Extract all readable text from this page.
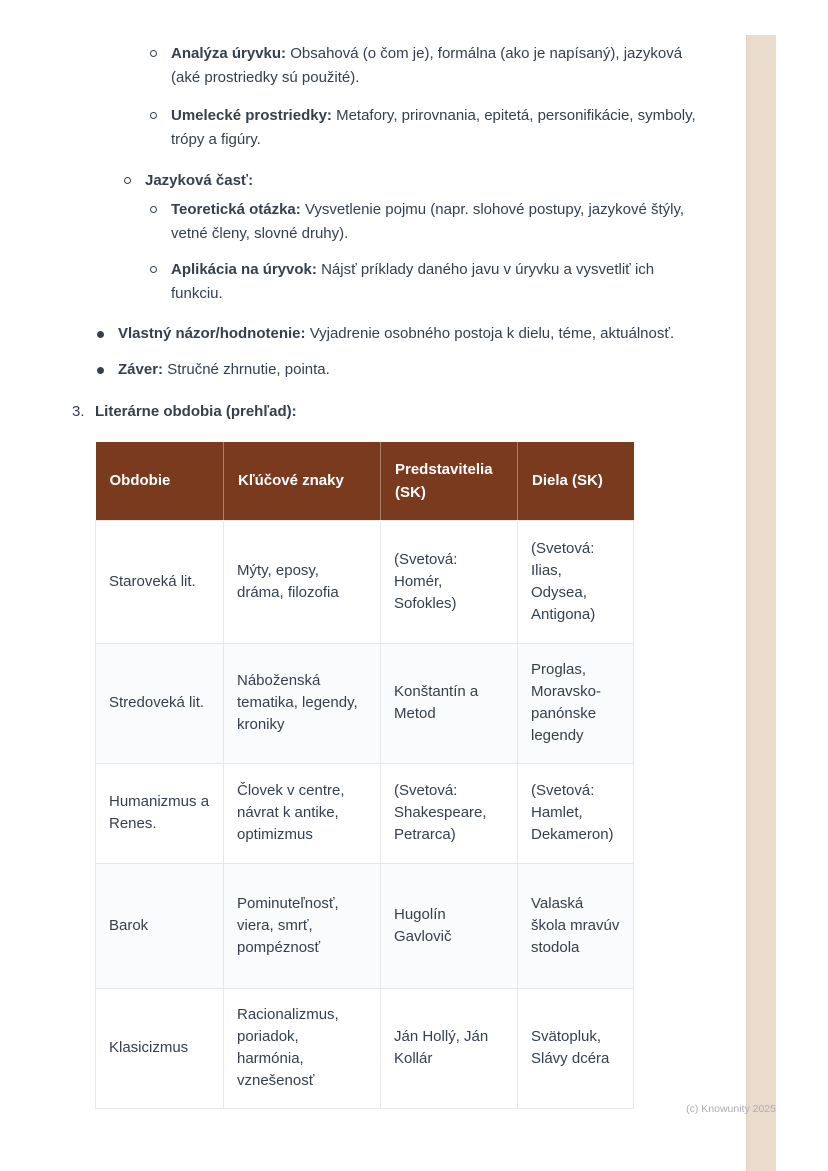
Analýza úryvku: Obsahová (o čom je), formálna (ako je napísaný), jazyková (aké prostriedky sú použité).
Umelecké prostriedky: Metafory, prirovnania, epitetá, personifikácie, symboly, trópy a figúry.
Jazyková časť:
Teoretická otázka: Vysvetlenie pojmu (napr. slohové postupy, jazykové štýly, vetné členy, slovné druhy).
Aplikácia na úryvok: Nájsť príklady daného javu v úryvku a vysvetliť ich funkciu.
Vlastný názor/hodnotenie: Vyjadrenie osobného postoja k dielu, téme, aktuálnosť.
Záver: Stručné zhrnutie, pointa.
3. Literárne obdobia (prehľad):
Obdobie	Kľúčové znaky	Predstavitelia (SK)	Diela (SK)
Staroveká lit.	Mýty, eposy, dráma, filozofia	(Svetová: Homér, Sofokles)	(Svetová: Ilias, Odysea, Antigona)
Stredoveká lit.	Náboženská tematika, legendy, kroniky	Konštantín a Metod	Proglas, Moravsko-panónske legendy
Humanizmus a Renes.	Človek v centre, návrat k antike, optimizmus	(Svetová: Shakespeare, Petrarca)	(Svetová: Hamlet, Dekameron)
Barok	Pominuteľnosť, viera, smrť, pompéznosť	Hugolín Gavlovič	Valaská škola mravúv stodola
Klasicizmus	Racionalizmus, poriadok, harmónia, vznešenosť	Ján Hollý, Ján Kollár	Svätopluk, Slávy dcéra
(c) Knowunity 2025
